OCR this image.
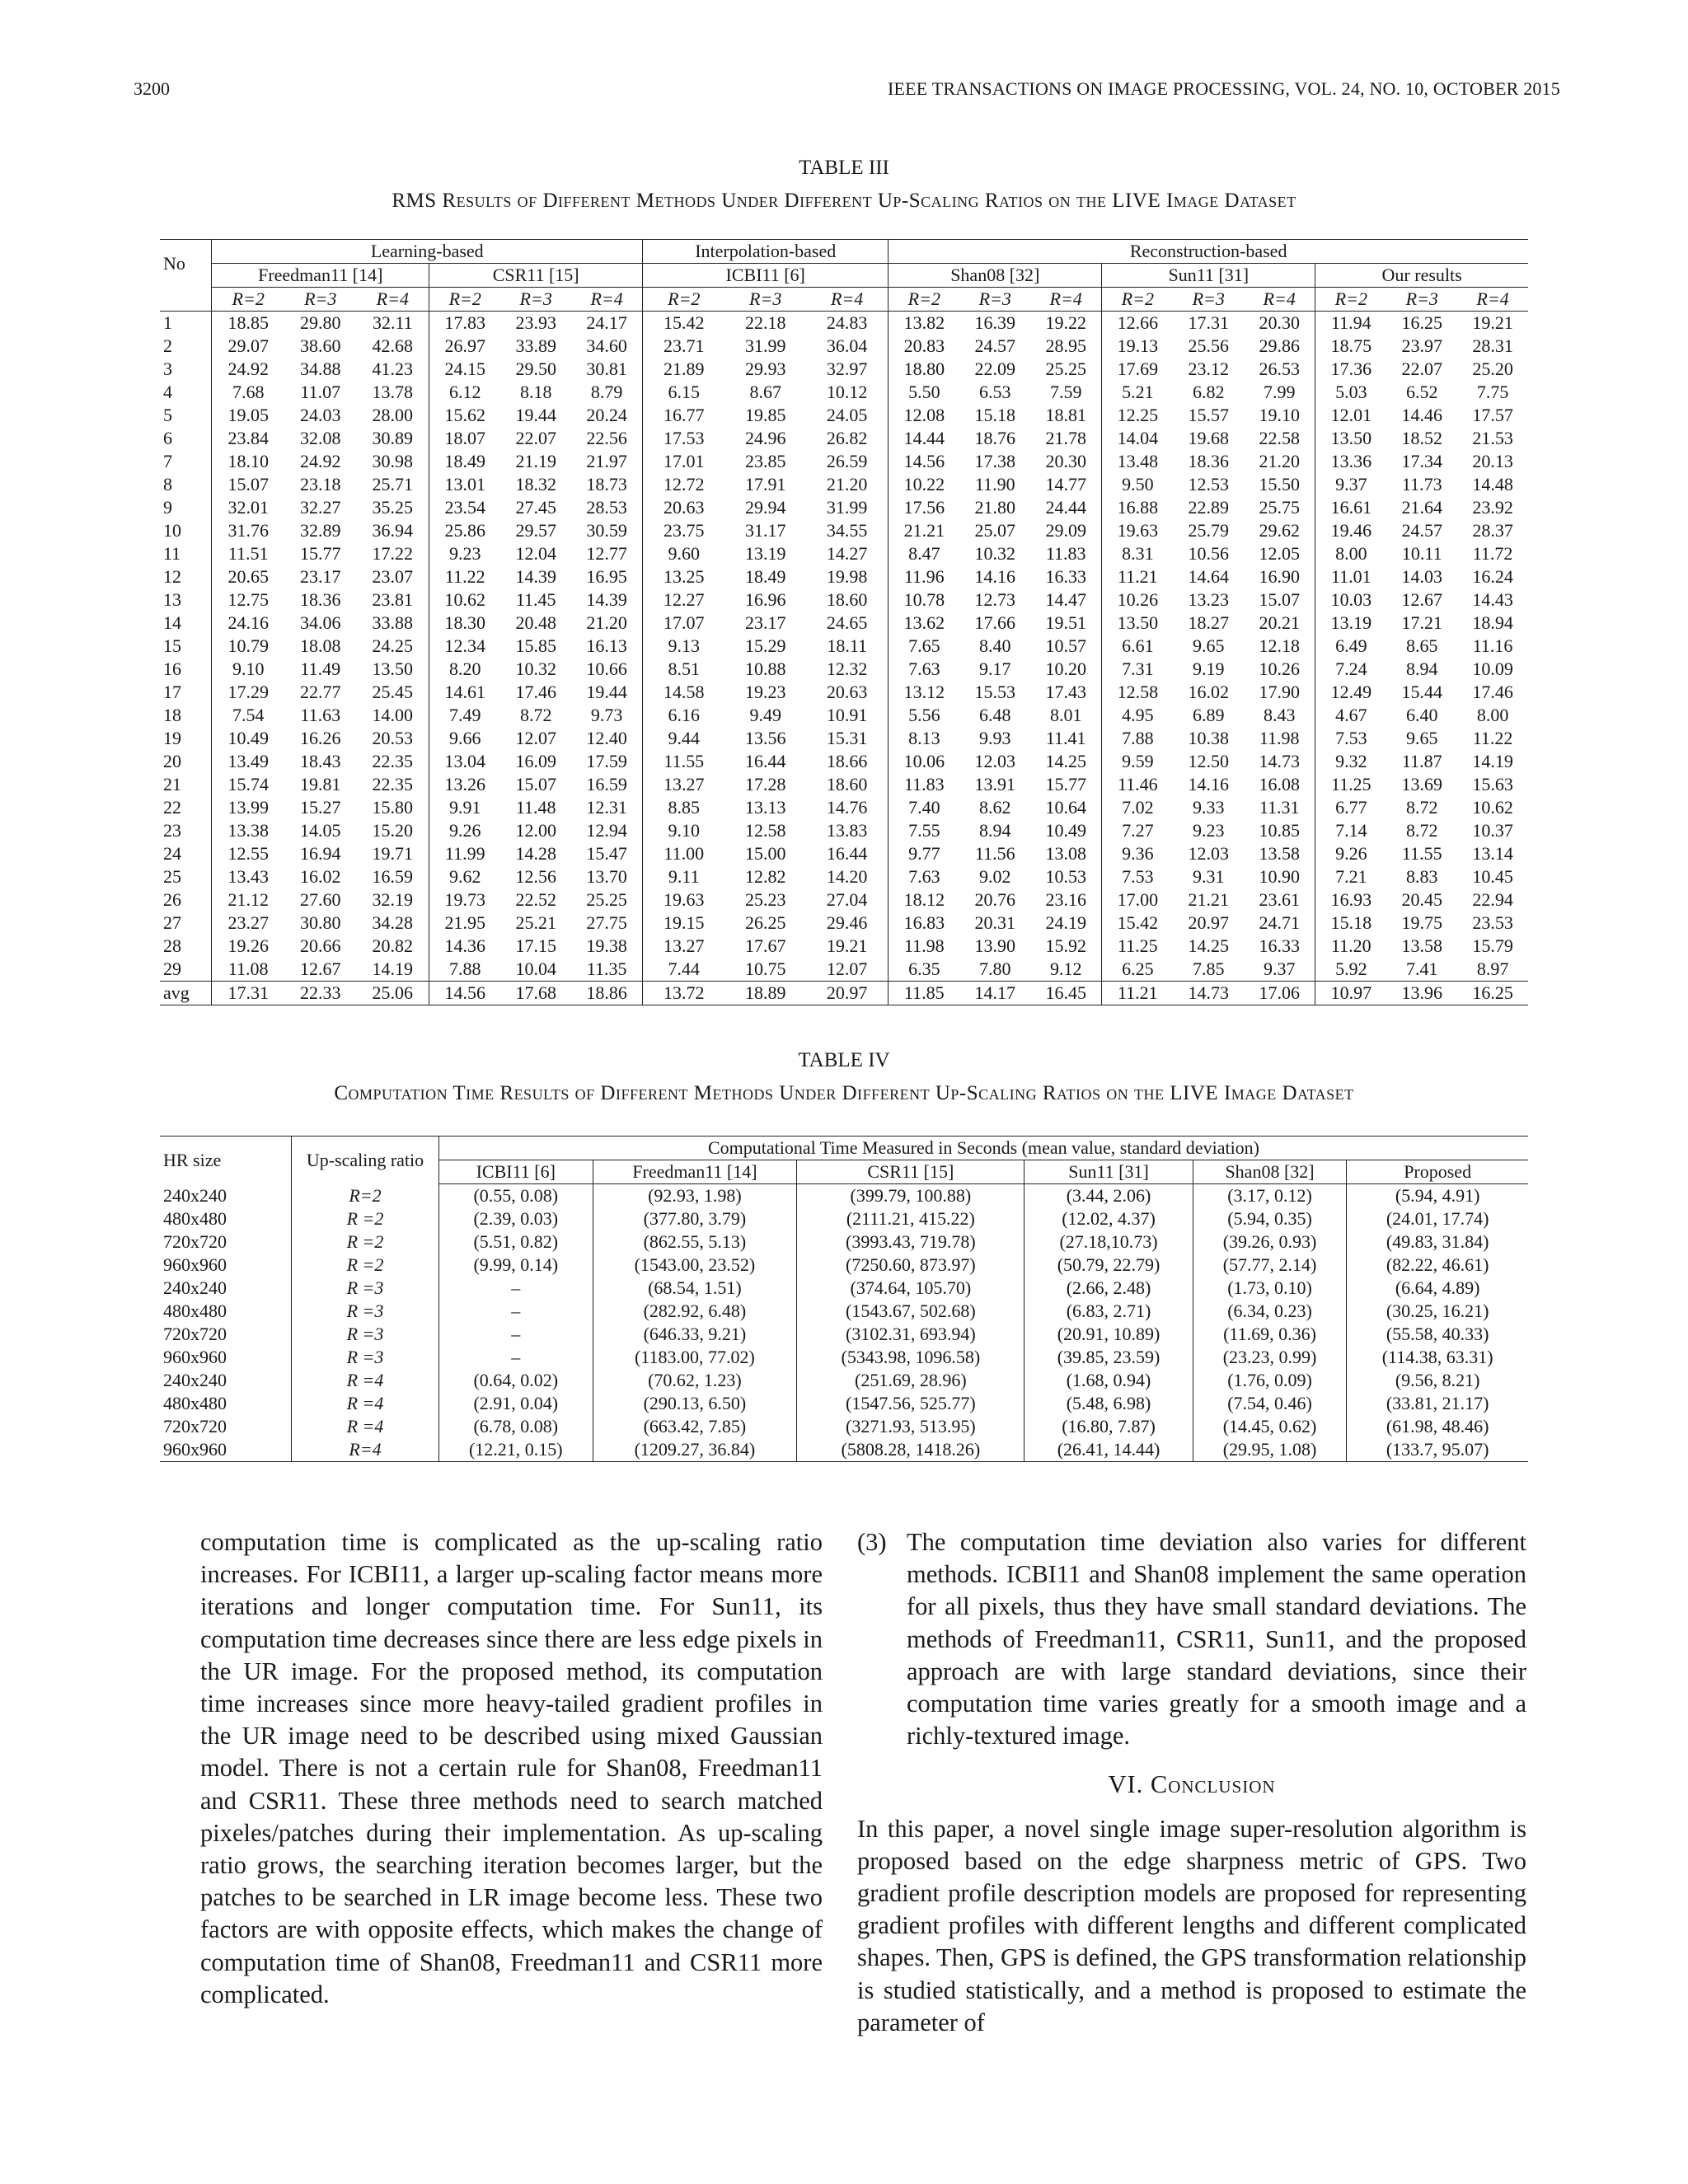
3200	IEEE TRANSACTIONS ON IMAGE PROCESSING, VOL. 24, NO. 10, OCTOBER 2015
TABLE III
RMS Results of Different Methods Under Different Up-Scaling Ratios on the LIVE Image Dataset
No	Learning-based						Interpolation-based			Reconstruction-based								
	Freedman11 [14]			CSR11 [15]			ICBI11 [6]			Shan08 [32]			Sun11 [31]			Our results		
	R=2	R=3	R=4	R=2	R=3	R=4	R=2	R=3	R=4	R=2	R=3	R=4	R=2	R=3	R=4	R=2	R=3	R=4
1	18.85	29.80	32.11	17.83	23.93	24.17	15.42	22.18	24.83	13.82	16.39	19.22	12.66	17.31	20.30	11.94	16.25	19.21
2	29.07	38.60	42.68	26.97	33.89	34.60	23.71	31.99	36.04	20.83	24.57	28.95	19.13	25.56	29.86	18.75	23.97	28.31
3	24.92	34.88	41.23	24.15	29.50	30.81	21.89	29.93	32.97	18.80	22.09	25.25	17.69	23.12	26.53	17.36	22.07	25.20
4	7.68	11.07	13.78	6.12	8.18	8.79	6.15	8.67	10.12	5.50	6.53	7.59	5.21	6.82	7.99	5.03	6.52	7.75
5	19.05	24.03	28.00	15.62	19.44	20.24	16.77	19.85	24.05	12.08	15.18	18.81	12.25	15.57	19.10	12.01	14.46	17.57
6	23.84	32.08	30.89	18.07	22.07	22.56	17.53	24.96	26.82	14.44	18.76	21.78	14.04	19.68	22.58	13.50	18.52	21.53
7	18.10	24.92	30.98	18.49	21.19	21.97	17.01	23.85	26.59	14.56	17.38	20.30	13.48	18.36	21.20	13.36	17.34	20.13
8	15.07	23.18	25.71	13.01	18.32	18.73	12.72	17.91	21.20	10.22	11.90	14.77	9.50	12.53	15.50	9.37	11.73	14.48
9	32.01	32.27	35.25	23.54	27.45	28.53	20.63	29.94	31.99	17.56	21.80	24.44	16.88	22.89	25.75	16.61	21.64	23.92
10	31.76	32.89	36.94	25.86	29.57	30.59	23.75	31.17	34.55	21.21	25.07	29.09	19.63	25.79	29.62	19.46	24.57	28.37
11	11.51	15.77	17.22	9.23	12.04	12.77	9.60	13.19	14.27	8.47	10.32	11.83	8.31	10.56	12.05	8.00	10.11	11.72
12	20.65	23.17	23.07	11.22	14.39	16.95	13.25	18.49	19.98	11.96	14.16	16.33	11.21	14.64	16.90	11.01	14.03	16.24
13	12.75	18.36	23.81	10.62	11.45	14.39	12.27	16.96	18.60	10.78	12.73	14.47	10.26	13.23	15.07	10.03	12.67	14.43
14	24.16	34.06	33.88	18.30	20.48	21.20	17.07	23.17	24.65	13.62	17.66	19.51	13.50	18.27	20.21	13.19	17.21	18.94
15	10.79	18.08	24.25	12.34	15.85	16.13	9.13	15.29	18.11	7.65	8.40	10.57	6.61	9.65	12.18	6.49	8.65	11.16
16	9.10	11.49	13.50	8.20	10.32	10.66	8.51	10.88	12.32	7.63	9.17	10.20	7.31	9.19	10.26	7.24	8.94	10.09
17	17.29	22.77	25.45	14.61	17.46	19.44	14.58	19.23	20.63	13.12	15.53	17.43	12.58	16.02	17.90	12.49	15.44	17.46
18	7.54	11.63	14.00	7.49	8.72	9.73	6.16	9.49	10.91	5.56	6.48	8.01	4.95	6.89	8.43	4.67	6.40	8.00
19	10.49	16.26	20.53	9.66	12.07	12.40	9.44	13.56	15.31	8.13	9.93	11.41	7.88	10.38	11.98	7.53	9.65	11.22
20	13.49	18.43	22.35	13.04	16.09	17.59	11.55	16.44	18.66	10.06	12.03	14.25	9.59	12.50	14.73	9.32	11.87	14.19
21	15.74	19.81	22.35	13.26	15.07	16.59	13.27	17.28	18.60	11.83	13.91	15.77	11.46	14.16	16.08	11.25	13.69	15.63
22	13.99	15.27	15.80	9.91	11.48	12.31	8.85	13.13	14.76	7.40	8.62	10.64	7.02	9.33	11.31	6.77	8.72	10.62
23	13.38	14.05	15.20	9.26	12.00	12.94	9.10	12.58	13.83	7.55	8.94	10.49	7.27	9.23	10.85	7.14	8.72	10.37
24	12.55	16.94	19.71	11.99	14.28	15.47	11.00	15.00	16.44	9.77	11.56	13.08	9.36	12.03	13.58	9.26	11.55	13.14
25	13.43	16.02	16.59	9.62	12.56	13.70	9.11	12.82	14.20	7.63	9.02	10.53	7.53	9.31	10.90	7.21	8.83	10.45
26	21.12	27.60	32.19	19.73	22.52	25.25	19.63	25.23	27.04	18.12	20.76	23.16	17.00	21.21	23.61	16.93	20.45	22.94
27	23.27	30.80	34.28	21.95	25.21	27.75	19.15	26.25	29.46	16.83	20.31	24.19	15.42	20.97	24.71	15.18	19.75	23.53
28	19.26	20.66	20.82	14.36	17.15	19.38	13.27	17.67	19.21	11.98	13.90	15.92	11.25	14.25	16.33	11.20	13.58	15.79
29	11.08	12.67	14.19	7.88	10.04	11.35	7.44	10.75	12.07	6.35	7.80	9.12	6.25	7.85	9.37	5.92	7.41	8.97
avg	17.31	22.33	25.06	14.56	17.68	18.86	13.72	18.89	20.97	11.85	14.17	16.45	11.21	14.73	17.06	10.97	13.96	16.25
TABLE IV
Computation Time Results of Different Methods Under Different Up-Scaling Ratios on the LIVE Image Dataset
HR size	Up-scaling ratio	Computational Time Measured in Seconds (mean value, standard deviation)					
		ICBI11 [6]	Freedman11 [14]	CSR11 [15]	Sun11 [31]	Shan08 [32]	Proposed
240x240	R=2	(0.55, 0.08)	(92.93, 1.98)	(399.79, 100.88)	(3.44, 2.06)	(3.17, 0.12)	(5.94, 4.91)
480x480	R =2	(2.39, 0.03)	(377.80, 3.79)	(2111.21, 415.22)	(12.02, 4.37)	(5.94, 0.35)	(24.01, 17.74)
720x720	R =2	(5.51, 0.82)	(862.55, 5.13)	(3993.43, 719.78)	(27.18,10.73)	(39.26, 0.93)	(49.83, 31.84)
960x960	R =2	(9.99, 0.14)	(1543.00, 23.52)	(7250.60, 873.97)	(50.79, 22.79)	(57.77, 2.14)	(82.22, 46.61)
240x240	R =3	–	(68.54, 1.51)	(374.64, 105.70)	(2.66, 2.48)	(1.73, 0.10)	(6.64, 4.89)
480x480	R =3	–	(282.92, 6.48)	(1543.67, 502.68)	(6.83, 2.71)	(6.34, 0.23)	(30.25, 16.21)
720x720	R =3	–	(646.33, 9.21)	(3102.31, 693.94)	(20.91, 10.89)	(11.69, 0.36)	(55.58, 40.33)
960x960	R =3	–	(1183.00, 77.02)	(5343.98, 1096.58)	(39.85, 23.59)	(23.23, 0.99)	(114.38, 63.31)
240x240	R =4	(0.64, 0.02)	(70.62, 1.23)	(251.69, 28.96)	(1.68, 0.94)	(1.76, 0.09)	(9.56, 8.21)
480x480	R =4	(2.91, 0.04)	(290.13, 6.50)	(1547.56, 525.77)	(5.48, 6.98)	(7.54, 0.46)	(33.81, 21.17)
720x720	R =4	(6.78, 0.08)	(663.42, 7.85)	(3271.93, 513.95)	(16.80, 7.87)	(14.45, 0.62)	(61.98, 48.46)
960x960	R=4	(12.21, 0.15)	(1209.27, 36.84)	(5808.28, 1418.26)	(26.41, 14.44)	(29.95, 1.08)	(133.7, 95.07)
computation time is complicated as the up-scaling ratio increases. For ICBI11, a larger up-scaling factor means more iterations and longer computation time. For Sun11, its computation time decreases since there are less edge pixels in the UR image. For the proposed method, its computation time increases since more heavy-tailed gradient profiles in the UR image need to be described using mixed Gaussian model. There is not a certain rule for Shan08, Freedman11 and CSR11. These three methods need to search matched pixeles/patches during their implementation. As up-scaling ratio grows, the searching iteration becomes larger, but the patches to be searched in LR image become less. These two factors are with opposite effects, which makes the change of computation time of Shan08, Freedman11 and CSR11 more complicated.
(3) The computation time deviation also varies for different methods. ICBI11 and Shan08 implement the same operation for all pixels, thus they have small standard deviations. The methods of Freedman11, CSR11, Sun11, and the proposed approach are with large standard deviations, since their computation time varies greatly for a smooth image and a richly-textured image.
VI. Conclusion
In this paper, a novel single image super-resolution algorithm is proposed based on the edge sharpness metric of GPS. Two gradient profile description models are proposed for representing gradient profiles with different lengths and different complicated shapes. Then, GPS is defined, the GPS transformation relationship is studied statistically, and a method is proposed to estimate the parameter of
